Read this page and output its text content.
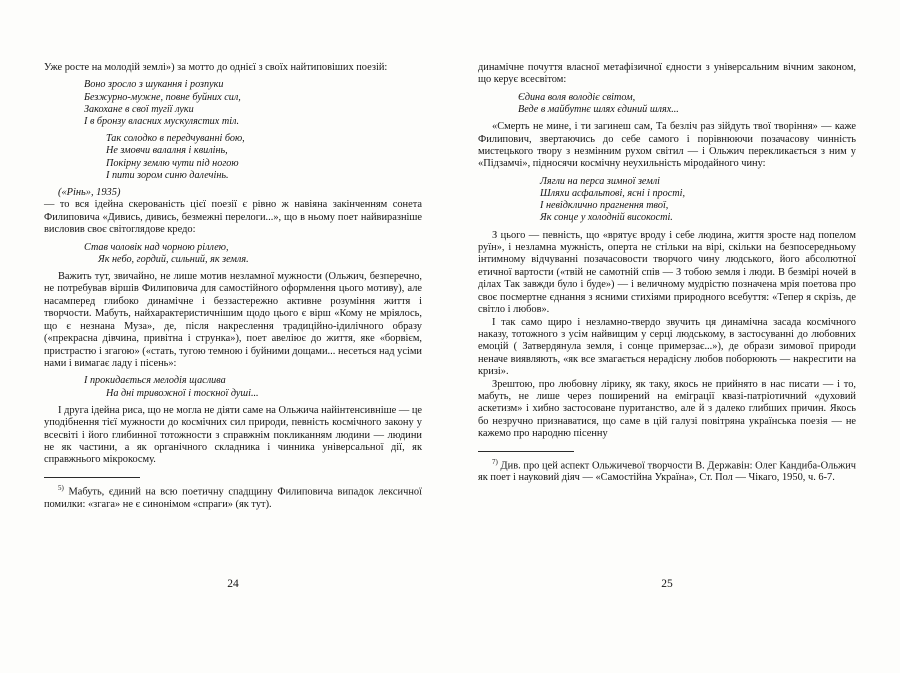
Уже росте на молодій землі») за мотто до однієї з своїх найтиповіших поезій:

Воно зросло з шукання і розпуки
Безжурно-мужне, повне буйних сил,
Закохане в свої тугії луки
І в бронзу власних мускулястих тіл.
Так солодко в передчуванні бою,
Не змовчи валалня і квилінь,
Покірну землю чути під ногою
І пити зором синю далечінь.

(«Рінь», 1935)

— то вся ідейна скерованість цієї поезії є рівно ж навіяна закінченням сонета Филиповича «Дивись, дивись, безмежні перелоги...», що в ньому поет найвиразніше висловив своє світоглядове кредо:

Став чоловік над чорною ріллею,
Як небо, гордий, сильний, як земля.

Важить тут, звичайно, не лише мотив незламної мужности (Ольжич, безперечно, не потребував віршів Филиповича для самостійного оформлення цього мотиву), але насамперед глибоко динамічне і беззастережно активне розуміння життя і творчости. Мабуть, найхарактеристичнішим щодо цього є вірш «Кому не мріялось, що є незнана Муза», де, після накреслення традиційно-ідилічного образу («прекрасна дівчина, привітна і струнка»), поет авеліює до життя, яке «борвієм, пристрастю і згагою» («стать, тугою темною і буйними дощами... несеться над усіми нами і вимагає ладу і пісень»:

І прокидається мелодія щаслива
На дні тривожної і тоскної душі...

І друга ідейна риса, що не могла не діяти саме на Ольжича найінтенсивніше — це уподібнення тієї мужности до космічних сил природи, певність космічного закону у всесвіті і його глибинної тотожности з справжнім покликанням людини — людини не як частини, а як органічного складника і чинника універсальної дії, як справжнього мікрокосму.

$^{5)}$ Мабуть, єдиний на всю поетичну спадщину Филиповича випадок лексичної помилки: «згага» не є синонімом «спраги» (як тут).

динамічне почуття власної метафізичної єдности з універсальним вічним законом, що керує всесвітом:

Єдина воля володіє світом,
Веде в майбутнє шлях єдиний шлях...

«Смерть не мине, і ти загинеш сам, Та безліч раз зійдуть твої творіння» — каже Филипович, звертаючись до себе самого і порівнюючи позачасову чинність мистецького твору з незмінним рухом світил — і Ольжич перекликається з ним у «Підзамчі», підносячи космічну неухильність міродайного чину:

Лягли на перса зимної землі
Шляхи асфальтові, ясні і прості,
І невідклично прагнення твої,
Як сонце у холодній високості.

З цього — певність, що «врятує вроду і себе людина, життя зросте над попелом руїн», і незламна мужність, оперта не стільки на вірі, скільки на безпосередньому інтимному відчуванні позачасовости творчого чину людського, його абсолютної етичної вартости («твій не самотній спів — З тобою земля і люди. В безмірі ночей в ділах Так завжди було і буде») — і величному мудрістю позначена мрія поетова про своє посмертне єднання з ясними стихіями природного всебуття: «Тепер я скрізь, де світло і любов».

І так само щиро і незламно-твердо звучить ця динамічна засада космічного наказу, тотожного з усім найвищим у серці людському, в застосуванні до любовних емоцій ( Затвердянула земля, і сонце примерзає...»), де образи зимової природи неначе виявляють, «як все змагається нерадісну любов поборюють — накресгити на кризі».

Зрештою, про любовну лірику, як таку, якось не прийнято в нас писати — і то, мабуть, не лише через поширений на еміграції квазі-патріотичний «духовий аскетизм» і хибно застосоване пуританство, але й з далеко глибших причин. Якось бо незручно признаватися, що саме в цій галузі повітряна українська поезія — не кажемо про народню пісенну

$^{7)}$ Див. про цей аспект Ольжичевої творчости В. Державін: Олег Кандиба-Ольжич як поет і науковий діяч — «Самостійна Україна», Ст. Пол — Чікаго, 1950, ч. 6-7.

24	25
